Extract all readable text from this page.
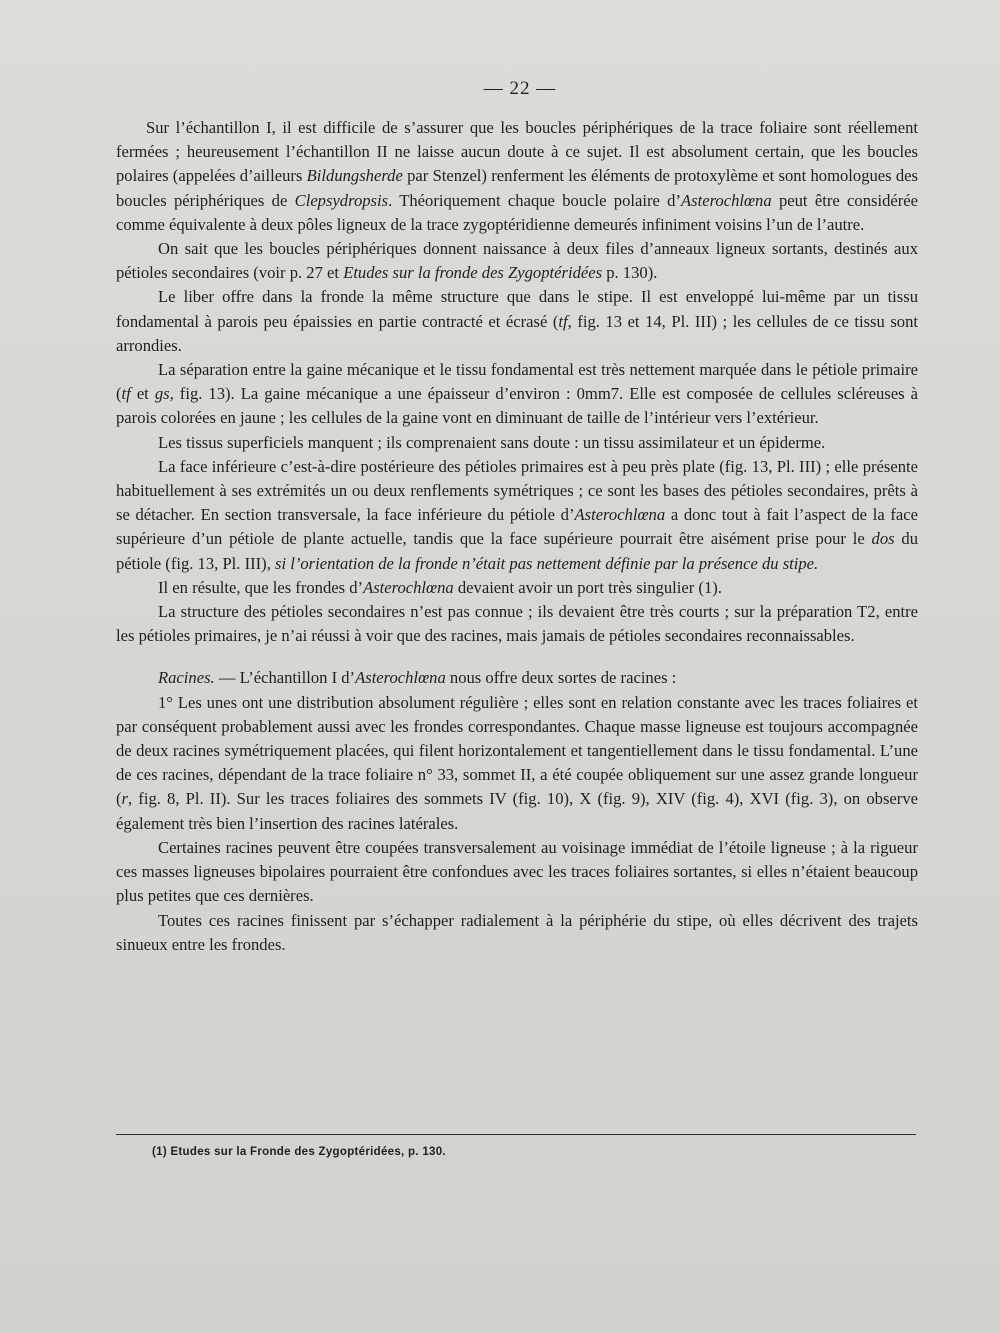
— 22 —

Sur l’échantillon I, il est difficile de s’assurer que les boucles périphériques de la trace foliaire sont réellement fermées ; heureusement l’échantillon II ne laisse aucun doute à ce sujet. Il est absolument certain, que les boucles polaires (appelées d’ailleurs Bildungsherde par Stenzel) renferment les éléments de protoxylème et sont homologues des boucles périphériques de Clepsydropsis. Théoriquement chaque boucle polaire d’Asterochlœna peut être considérée comme équivalente à deux pôles ligneux de la trace zygoptéridienne demeurés infiniment voisins l’un de l’autre.

On sait que les boucles périphériques donnent naissance à deux files d’anneaux ligneux sortants, destinés aux pétioles secondaires (voir p. 27 et Etudes sur la fronde des Zygoptéridées p. 130).

Le liber offre dans la fronde la même structure que dans le stipe. Il est enveloppé lui-même par un tissu fondamental à parois peu épaissies en partie contracté et écrasé (tf, fig. 13 et 14, Pl. III) ; les cellules de ce tissu sont arrondies.

La séparation entre la gaine mécanique et le tissu fondamental est très nettement marquée dans le pétiole primaire (tf et gs, fig. 13). La gaine mécanique a une épaisseur d’environ : 0mm7. Elle est composée de cellules scléreuses à parois colorées en jaune ; les cellules de la gaine vont en diminuant de taille de l’intérieur vers l’extérieur.

Les tissus superficiels manquent ; ils comprenaient sans doute : un tissu assimilateur et un épiderme.

La face inférieure c’est-à-dire postérieure des pétioles primaires est à peu près plate (fig. 13, Pl. III) ; elle présente habituellement à ses extrémités un ou deux renflements symétriques ; ce sont les bases des pétioles secondaires, prêts à se détacher. En section transversale, la face inférieure du pétiole d’Asterochlœna a donc tout à fait l’aspect de la face supérieure d’un pétiole de plante actuelle, tandis que la face supérieure pourrait être aisément prise pour le dos du pétiole (fig. 13, Pl. III), si l’orientation de la fronde n’était pas nettement définie par la présence du stipe.

Il en résulte, que les frondes d’Asterochlœna devaient avoir un port très singulier (1).

La structure des pétioles secondaires n’est pas connue ; ils devaient être très courts ; sur la préparation T2, entre les pétioles primaires, je n’ai réussi à voir que des racines, mais jamais de pétioles secondaires reconnaissables.

Racines. — L’échantillon I d’Asterochlœna nous offre deux sortes de racines :

1° Les unes ont une distribution absolument régulière ; elles sont en relation constante avec les traces foliaires et par conséquent probablement aussi avec les frondes correspondantes. Chaque masse ligneuse est toujours accompagnée de deux racines symétriquement placées, qui filent horizontalement et tangentiellement dans le tissu fondamental. L’une de ces racines, dépendant de la trace foliaire n° 33, sommet II, a été coupée obliquement sur une assez grande longueur (r, fig. 8, Pl. II). Sur les traces foliaires des sommets IV (fig. 10), X (fig. 9), XIV (fig. 4), XVI (fig. 3), on observe également très bien l’insertion des racines latérales.

Certaines racines peuvent être coupées transversalement au voisinage immédiat de l’étoile ligneuse ; à la rigueur ces masses ligneuses bipolaires pourraient être confondues avec les traces foliaires sortantes, si elles n’étaient beaucoup plus petites que ces dernières.

Toutes ces racines finissent par s’échapper radialement à la périphérie du stipe, où elles décrivent des trajets sinueux entre les frondes.

(1) Etudes sur la Fronde des Zygoptéridées, p. 130.
